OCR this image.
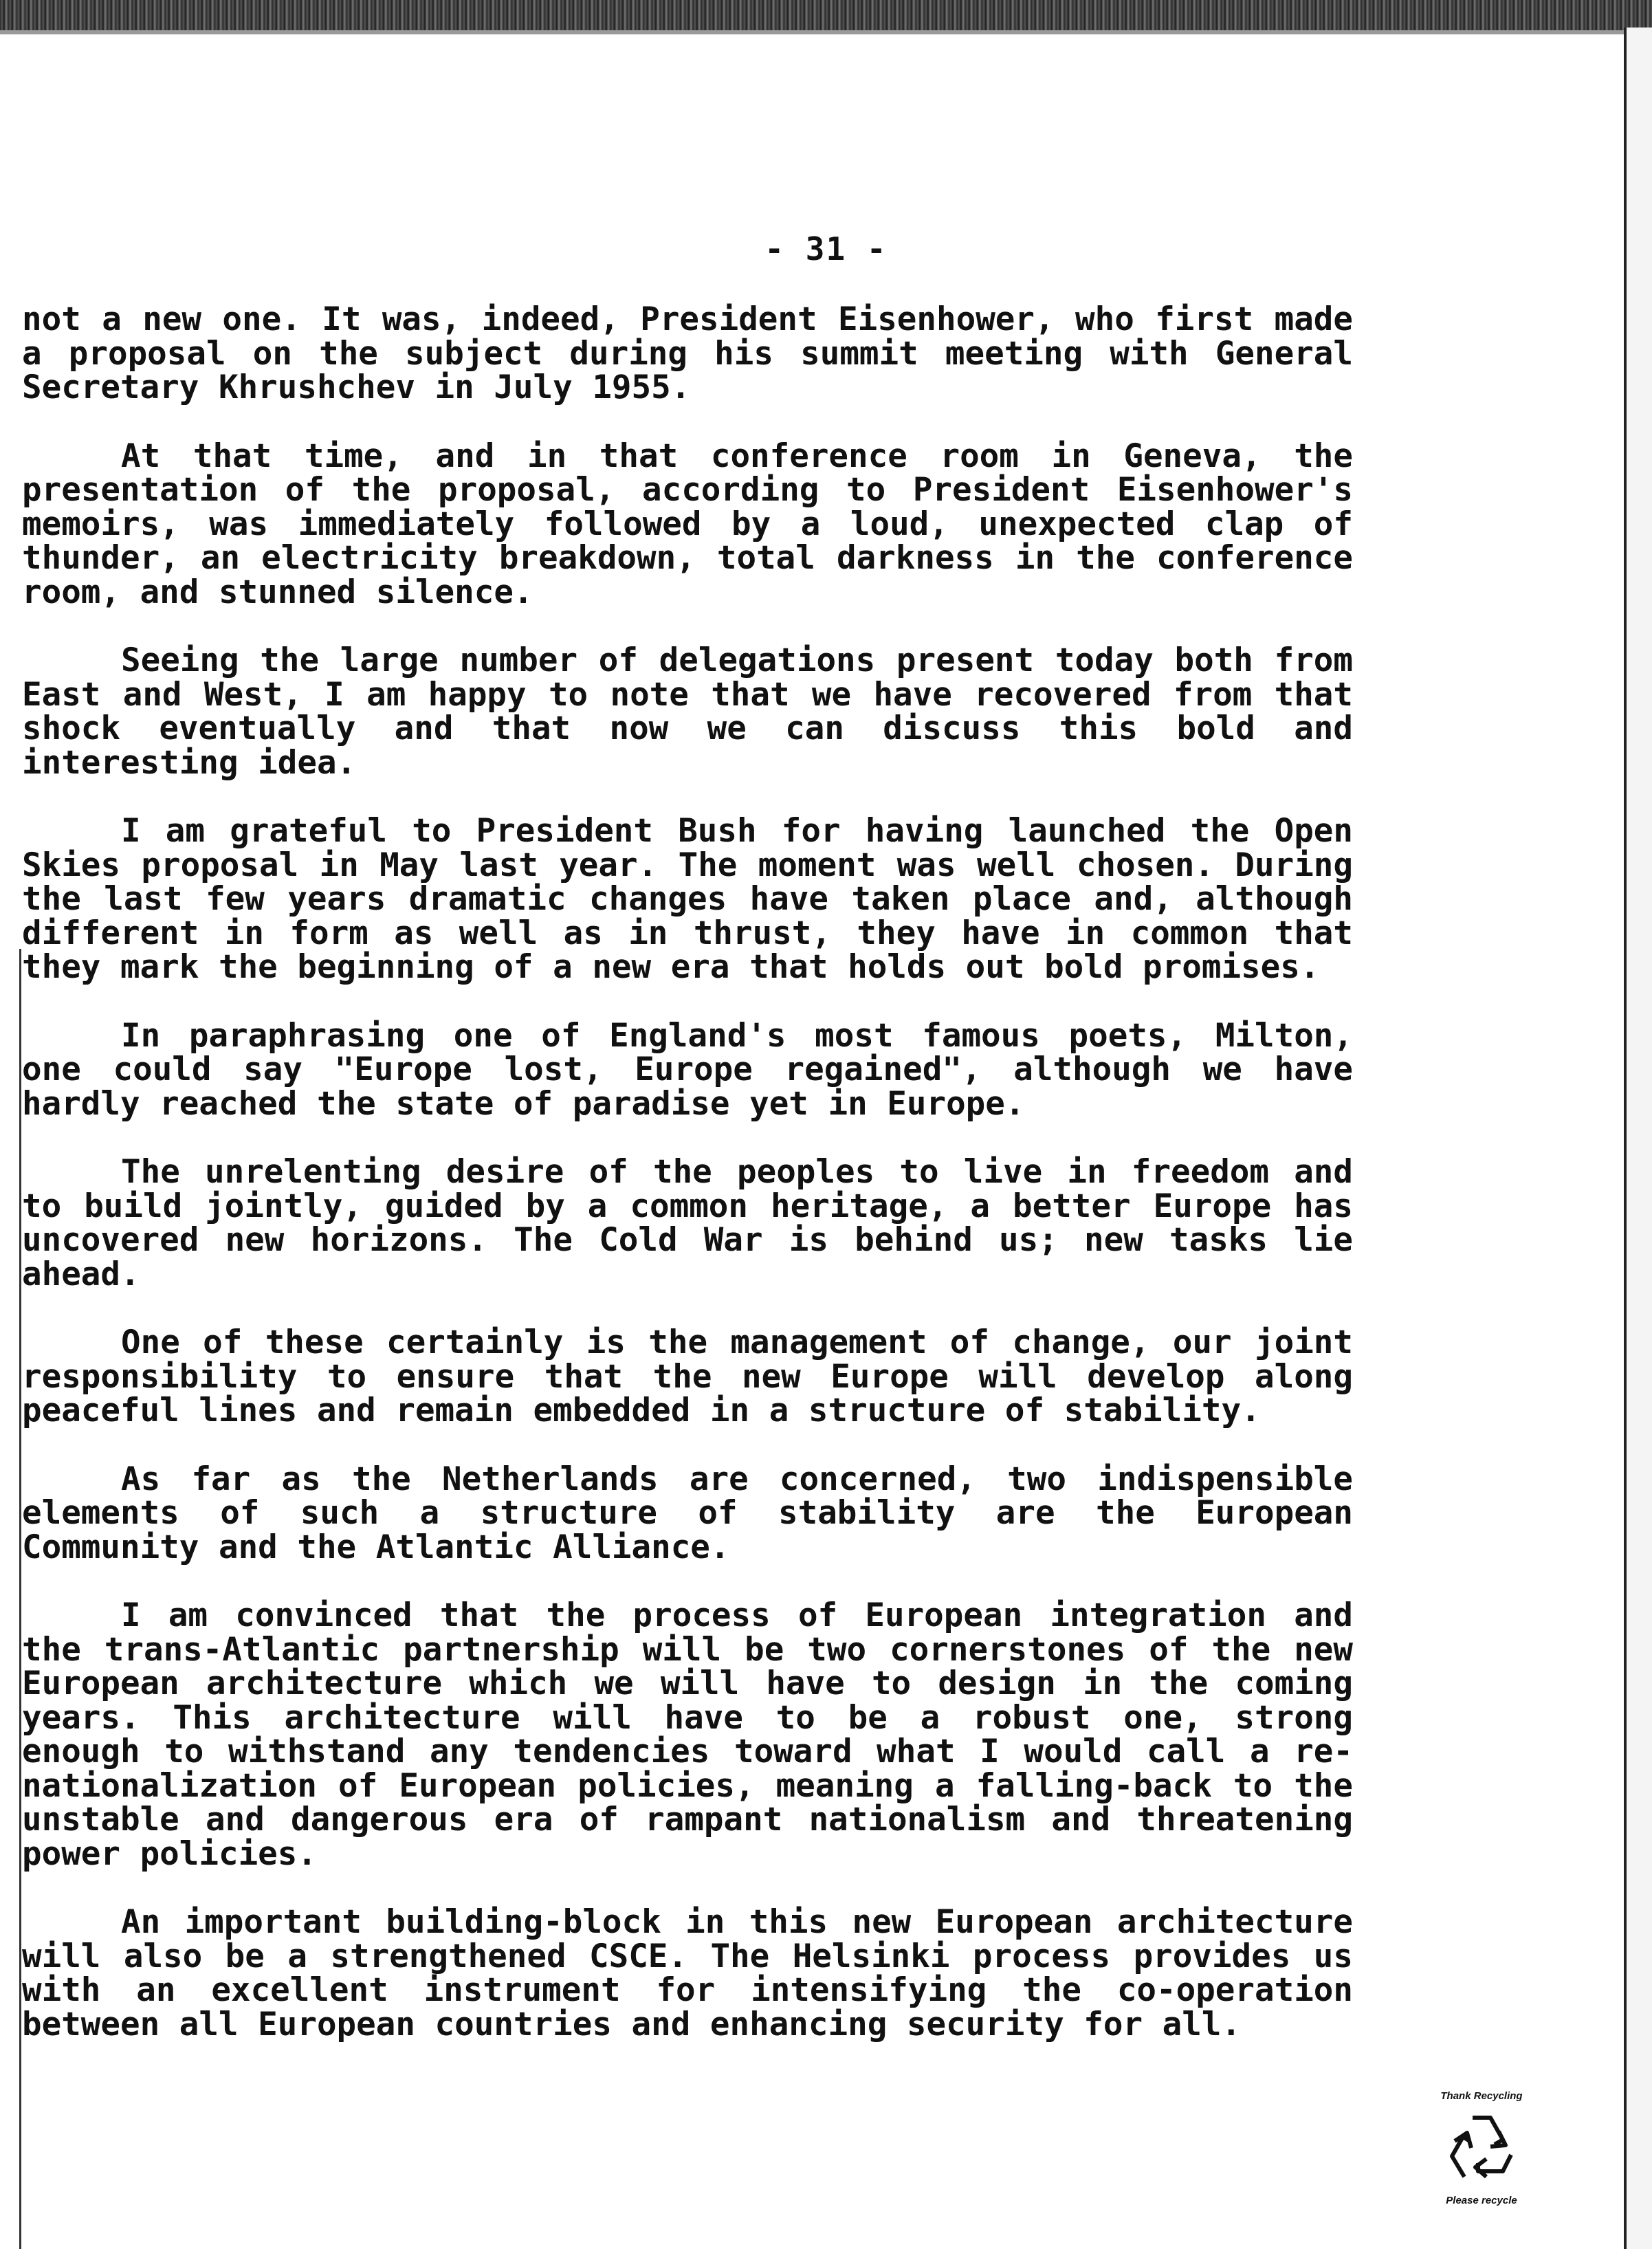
- 31 -

not a new one. It was, indeed, President Eisenhower, who first made a proposal on the subject during his summit meeting with General Secretary Khrushchev in July 1955.

At that time, and in that conference room in Geneva, the presentation of the proposal, according to President Eisenhower's memoirs, was immediately followed by a loud, unexpected clap of thunder, an electricity breakdown, total darkness in the conference room, and stunned silence.

Seeing the large number of delegations present today both from East and West, I am happy to note that we have recovered from that shock eventually and that now we can discuss this bold and interesting idea.

I am grateful to President Bush for having launched the Open Skies proposal in May last year. The moment was well chosen. During the last few years dramatic changes have taken place and, although different in form as well as in thrust, they have in common that they mark the beginning of a new era that holds out bold promises.

In paraphrasing one of England's most famous poets, Milton, one could say "Europe lost, Europe regained", although we have hardly reached the state of paradise yet in Europe.

The unrelenting desire of the peoples to live in freedom and to build jointly, guided by a common heritage, a better Europe has uncovered new horizons. The Cold War is behind us; new tasks lie ahead.

One of these certainly is the management of change, our joint responsibility to ensure that the new Europe will develop along peaceful lines and remain embedded in a structure of stability.

As far as the Netherlands are concerned, two indispensible elements of such a structure of stability are the European Community and the Atlantic Alliance.

I am convinced that the process of European integration and the trans-Atlantic partnership will be two cornerstones of the new European architecture which we will have to design in the coming years. This architecture will have to be a robust one, strong enough to withstand any tendencies toward what I would call a re-nationalization of European policies, meaning a falling-back to the unstable and dangerous era of rampant nationalism and threatening power policies.

An important building-block in this new European architecture will also be a strengthened CSCE. The Helsinki process provides us with an excellent instrument for intensifying the co-operation between all European countries and enhancing security for all.

Thank Recycling
Please recycle
